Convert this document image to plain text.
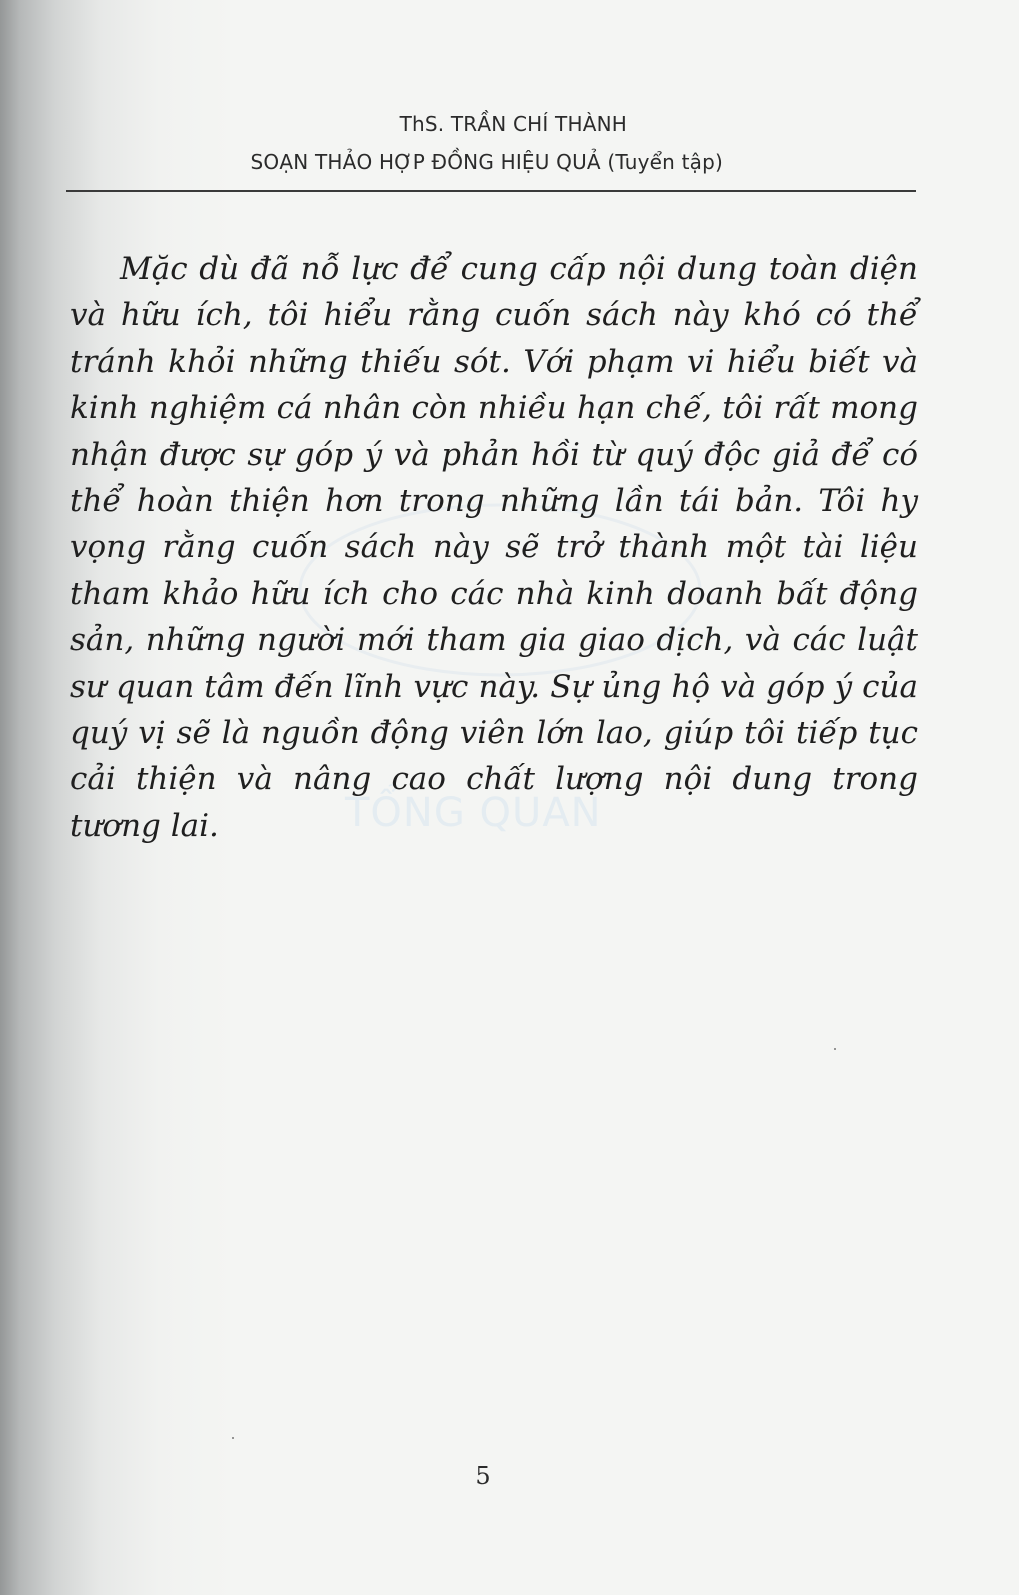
TỔNG QUAN
ThS. TRẦN CHÍ THÀNH
SOẠN THẢO HỢP ĐỒNG HIỆU QUẢ (Tuyển tập)

Mặc dù đã nỗ lực để cung cấp nội dung toàn diện và hữu ích, tôi hiểu rằng cuốn sách này khó có thể tránh khỏi những thiếu sót. Với phạm vi hiểu biết và kinh nghiệm cá nhân còn nhiều hạn chế, tôi rất mong nhận được sự góp ý và phản hồi từ quý độc giả để có thể hoàn thiện hơn trong những lần tái bản. Tôi hy vọng rằng cuốn sách này sẽ trở thành một tài liệu tham khảo hữu ích cho các nhà kinh doanh bất động sản, những người mới tham gia giao dịch, và các luật sư quan tâm đến lĩnh vực này. Sự ủng hộ và góp ý của quý vị sẽ là nguồn động viên lớn lao, giúp tôi tiếp tục cải thiện và nâng cao chất lượng nội dung trong tương lai.

5
